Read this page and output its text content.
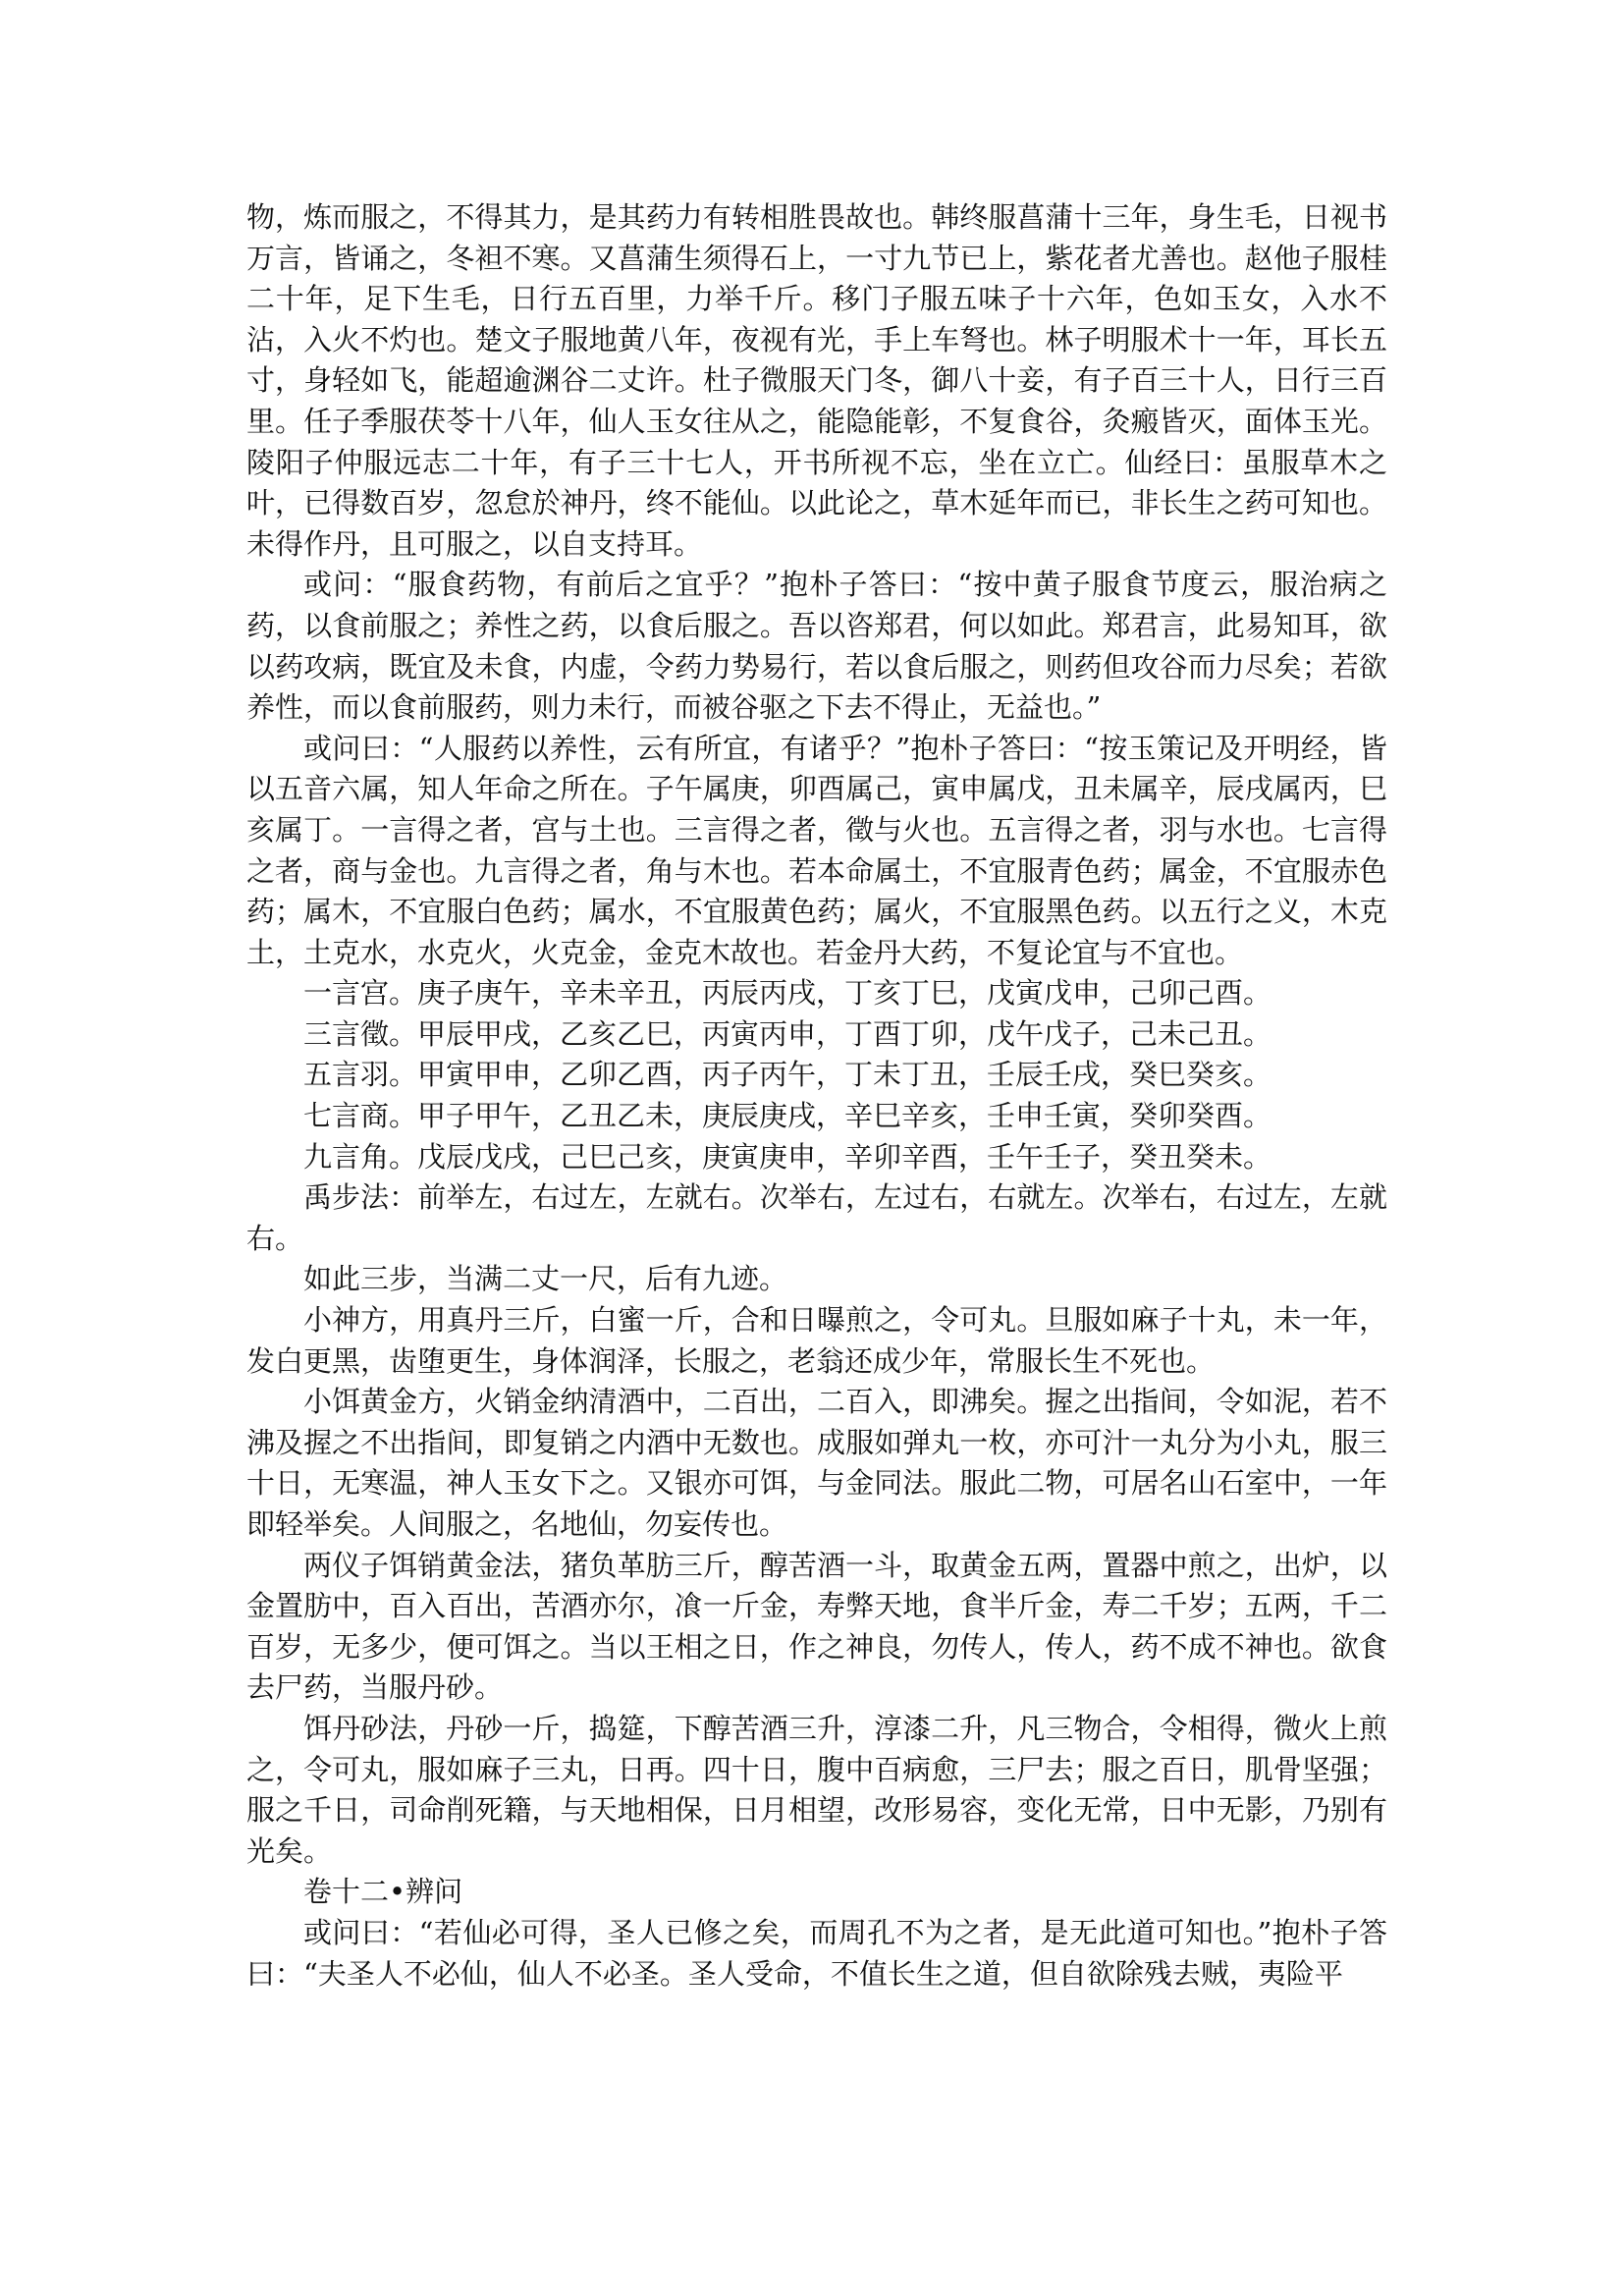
物，炼而服之，不得其力，是其药力有转相胜畏故也。韩终服菖蒲十三年，身生毛，日视书万言，皆诵之，冬袒不寒。又菖蒲生须得石上，一寸九节已上，紫花者尤善也。赵他子服桂二十年，足下生毛，日行五百里，力举千斤。移门子服五味子十六年，色如玉女，入水不沾，入火不灼也。楚文子服地黄八年，夜视有光，手上车弩也。林子明服术十一年，耳长五寸，身轻如飞，能超逾渊谷二丈许。杜子微服天门冬，御八十妾，有子百三十人，日行三百里。任子季服茯苓十八年，仙人玉女往从之，能隐能彰，不复食谷，灸瘢皆灭，面体玉光。陵阳子仲服远志二十年，有子三十七人，开书所视不忘，坐在立亡。仙经曰：虽服草木之叶，已得数百岁，忽怠於神丹，终不能仙。以此论之，草木延年而已，非长生之药可知也。未得作丹，且可服之，以自支持耳。

或问：“服食药物，有前后之宜乎？”抱朴子答曰：“按中黄子服食节度云，服治病之药，以食前服之；养性之药，以食后服之。吾以咨郑君，何以如此。郑君言，此易知耳，欲以药攻病，既宜及未食，内虚，令药力势易行，若以食后服之，则药但攻谷而力尽矣；若欲养性，而以食前服药，则力未行，而被谷驱之下去不得止，无益也。”

或问曰：“人服药以养性，云有所宜，有诸乎？”抱朴子答曰：“按玉策记及开明经，皆以五音六属，知人年命之所在。子午属庚，卯酉属己，寅申属戊，丑未属辛，辰戌属丙，巳亥属丁。一言得之者，宫与土也。三言得之者，徵与火也。五言得之者，羽与水也。七言得之者，商与金也。九言得之者，角与木也。若本命属土，不宜服青色药；属金，不宜服赤色药；属木，不宜服白色药；属水，不宜服黄色药；属火，不宜服黑色药。以五行之义，木克土，土克水，水克火，火克金，金克木故也。若金丹大药，不复论宜与不宜也。

一言宫。庚子庚午，辛未辛丑，丙辰丙戌，丁亥丁巳，戊寅戊申，己卯己酉。

三言徵。甲辰甲戌，乙亥乙巳，丙寅丙申，丁酉丁卯，戊午戊子，己未己丑。

五言羽。甲寅甲申，乙卯乙酉，丙子丙午，丁未丁丑，壬辰壬戌，癸巳癸亥。

七言商。甲子甲午，乙丑乙未，庚辰庚戌，辛巳辛亥，壬申壬寅，癸卯癸酉。

九言角。戊辰戊戌，己巳己亥，庚寅庚申，辛卯辛酉，壬午壬子，癸丑癸未。

禹步法：前举左，右过左，左就右。次举右，左过右，右就左。次举右，右过左，左就右。

如此三步，当满二丈一尺，后有九迹。

小神方，用真丹三斤，白蜜一斤，合和日曝煎之，令可丸。旦服如麻子十丸，未一年，发白更黑，齿堕更生，身体润泽，长服之，老翁还成少年，常服长生不死也。

小饵黄金方，火销金纳清酒中，二百出，二百入，即沸矣。握之出指间，令如泥，若不沸及握之不出指间，即复销之内酒中无数也。成服如弹丸一枚，亦可汁一丸分为小丸，服三十日，无寒温，神人玉女下之。又银亦可饵，与金同法。服此二物，可居名山石室中，一年即轻举矣。人间服之，名地仙，勿妄传也。

两仪子饵销黄金法，猪负革肪三斤，醇苦酒一斗，取黄金五两，置器中煎之，出炉，以金置肪中，百入百出，苦酒亦尔，飡一斤金，寿弊天地，食半斤金，寿二千岁；五两，千二百岁，无多少，便可饵之。当以王相之日，作之神良，勿传人，传人，药不成不神也。欲食去尸药，当服丹砂。

饵丹砂法，丹砂一斤，捣筵，下醇苦酒三升，淳漆二升，凡三物合，令相得，微火上煎之，令可丸，服如麻子三丸，日再。四十日，腹中百病愈，三尸去；服之百日，肌骨坚强；服之千日，司命削死籍，与天地相保，日月相望，改形易容，变化无常，日中无影，乃别有光矣。

卷十二•辨问

或问曰：“若仙必可得，圣人已修之矣，而周孔不为之者，是无此道可知也。”抱朴子答曰：“夫圣人不必仙，仙人不必圣。圣人受命，不值长生之道，但自欲除残去贼，夷险平
